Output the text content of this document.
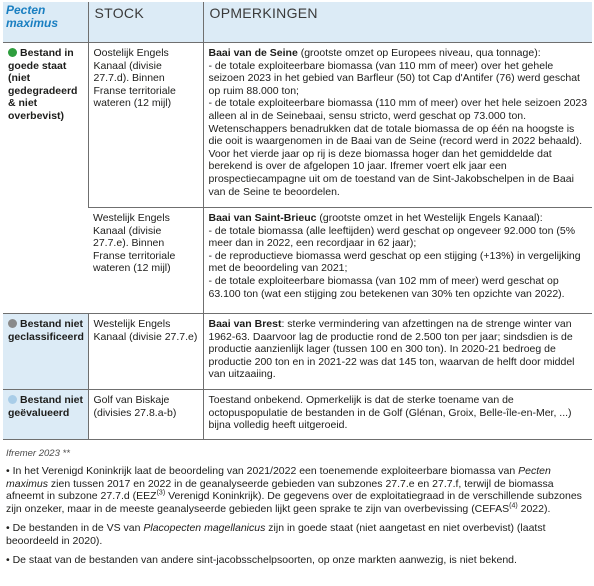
Pecten maximus	STOCK	OPMERKINGEN
Bestand in goede staat (niet gedegradeerd & niet overbevist)	Oostelijk Engels Kanaal (divisie 27.7.d). Binnen Franse territoriale wateren (12 mijl)	Baai van de Seine (grootste omzet op Europees niveau, qua tonnage):
- de totale exploiteerbare biomassa (van 110 mm of meer) over het gehele seizoen 2023 in het gebied van Barfleur (50) tot Cap d'Antifer (76) werd geschat op ruim 88.000 ton;
- de totale exploiteerbare biomassa (110 mm of meer) over het hele seizoen 2023 alleen al in de Seinebaai, sensu stricto, werd geschat op 73.000 ton. Wetenschappers benadrukken dat de totale biomassa de op één na hoogste is die ooit is waargenomen in de Baai van de Seine (record werd in 2022 behaald). Voor het vierde jaar op rij is deze biomassa hoger dan het gemiddelde dat berekend is over de afgelopen 10 jaar. Ifremer voert elk jaar een prospectiecampagne uit om de toestand van de Sint-Jakobschelpen in de Baai van de Seine te beoordelen.
	Westelijk Engels Kanaal (divisie 27.7.e). Binnen Franse territoriale wateren (12 mijl)	Baai van Saint-Brieuc (grootste omzet in het Westelijk Engels Kanaal):
- de totale biomassa (alle leeftijden) werd geschat op ongeveer 92.000 ton (5% meer dan in 2022, een recordjaar in 62 jaar);
- de reproductieve biomassa werd geschat op een stijging (+13%) in vergelijking met de beoordeling van 2021;
- de totale exploiteerbare biomassa (van 102 mm of meer) werd geschat op 63.100 ton (wat een stijging zou betekenen van 30% ten opzichte van 2022).
Bestand niet geclassificeerd	Westelijk Engels Kanaal (divisie 27.7.e)	Baai van Brest: sterke vermindering van afzettingen na de strenge winter van 1962-63. Daarvoor lag de productie rond de 2.500 ton per jaar; sindsdien is de productie aanzienlijk lager (tussen 100 en 300 ton). In 2020-21 bedroeg de productie 200 ton en in 2021-22 was dat 145 ton, waarvan de helft door middel van uitzaaiing.
Bestand niet geëvalueerd	Golf van Biskaje (divisies 27.8.a-b)	Toestand onbekend. Opmerkelijk is dat de sterke toename van de octopuspopulatie de bestanden in de Golf (Glénan, Groix, Belle-île-en-Mer, ...) bijna volledig heeft uitgeroeid.
Ifremer 2023 **

• In het Verenigd Koninkrijk laat de beoordeling van 2021/2022 een toenemende exploiteerbare biomassa van Pecten maximus zien tussen 2017 en 2022 in de geanalyseerde gebieden van subzones 27.7.e en 27.7.f, terwijl de biomassa afneemt in subzone 27.7.d (EEZ$^{(3)}$ Verenigd Koninkrijk). De gegevens over de exploitatiegraad in de verschillende subzones zijn onzeker, maar in de meeste geanalyseerde gebieden lijkt geen sprake te zijn van overbevissing (CEFAS$^{(4)}$ 2022).

• De bestanden in de VS van Placopecten magellanicus zijn in goede staat (niet aangetast en niet overbevist) (laatst beoordeeld in 2020).

• De staat van de bestanden van andere sint-jacobsschelpsoorten, op onze markten aanwezig, is niet bekend.
